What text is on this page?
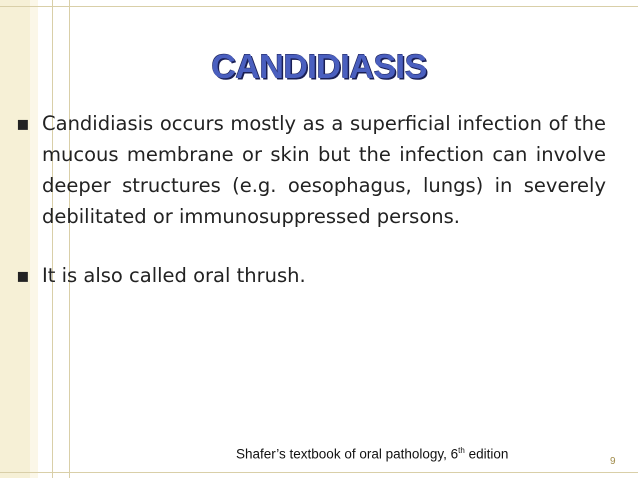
CANDIDIASIS
▪ Candidiasis occurs mostly as a superficial infection of the mucous membrane or skin but the infection can involve deeper structures (e.g. oesophagus, lungs) in severely debilitated or immunosuppressed persons.
▪ It is also called oral thrush.
Shafer’s textbook of oral pathology, 6th edition	9
